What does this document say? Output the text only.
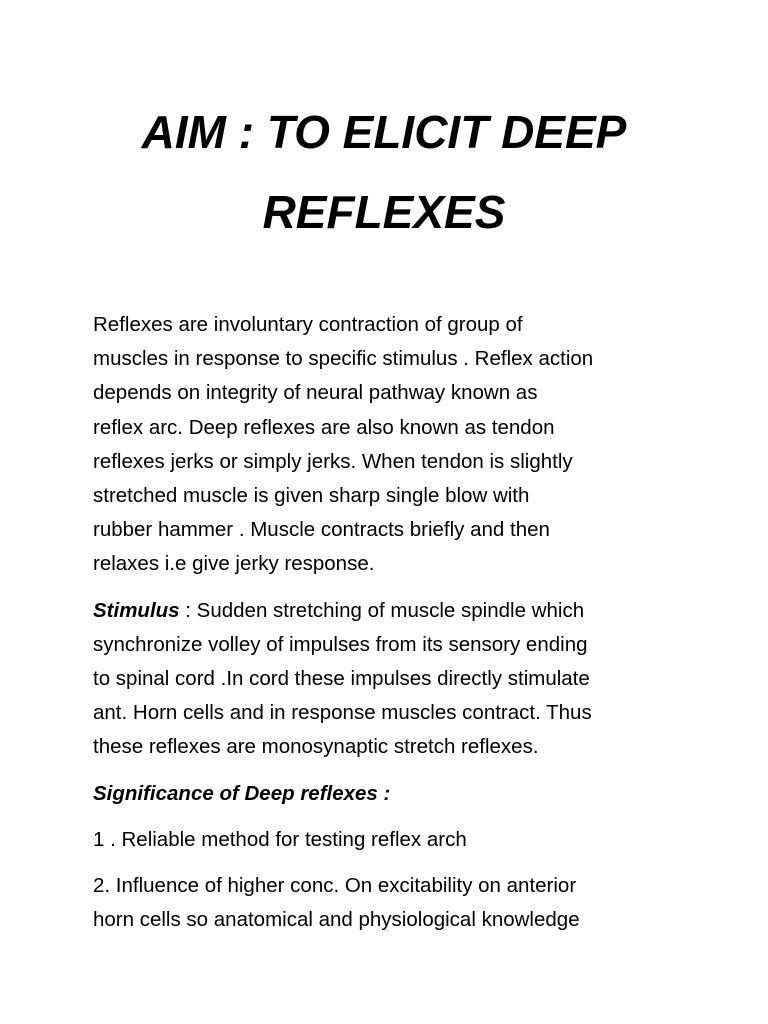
AIM : TO ELICIT DEEP
REFLEXES

Reflexes are involuntary contraction of group of
muscles in response to specific stimulus . Reflex action
depends on integrity of neural pathway known as
reflex arc. Deep reflexes are also known as tendon
reflexes jerks or simply jerks. When tendon is slightly
stretched muscle is given sharp single blow with
rubber hammer . Muscle contracts briefly and then
relaxes i.e give jerky response.

Stimulus : Sudden stretching of muscle spindle which
synchronize volley of impulses from its sensory ending
to spinal cord .In cord these impulses directly stimulate
ant. Horn cells and in response muscles contract. Thus
these reflexes are monosynaptic stretch reflexes.

Significance of Deep reflexes :

1 . Reliable method for testing reflex arch

2. Influence of higher conc. On excitability on anterior
horn cells so anatomical and physiological knowledge
